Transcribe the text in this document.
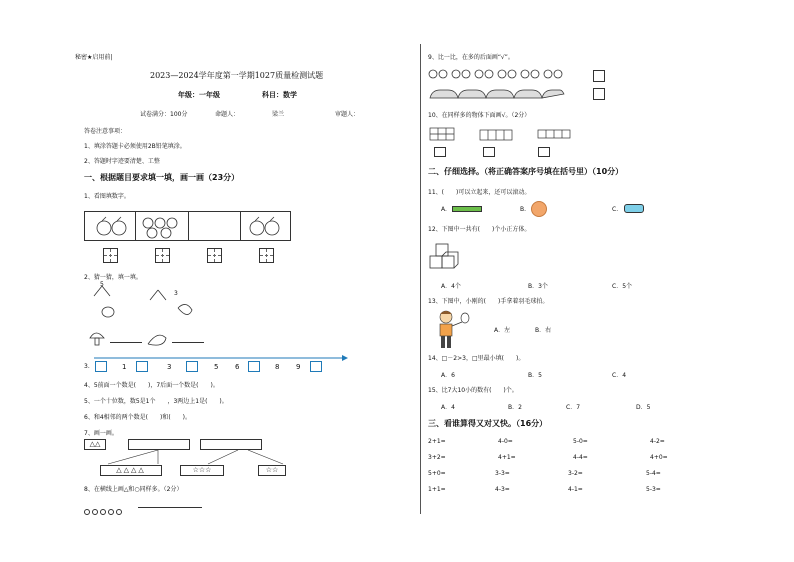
秘密★启用前|
2023—2024学年度第一学期1027质量检测试题
年级：一年级	科目：数学
试卷满分：100分	命题人：	梁兰	审题人：
答卷注意事项：
1、填涂答题卡必须使用2B铅笔填涂。
2、答题时字迹要清楚、工整
一、根据题目要求填一填，画一画（23分）
1、看图填数字。
2、猜一猜，填一填。
5
3
3.	1	3	5 6	8 9
4、5前面一个数是(　　)，7后面一个数是(　　)。
5、一个十位数，数5是1个　　，3两边上1是(　　)。
6、和4相邻的两个数是(　　)和(　　)。
7、画一画。
△△
△△△△	☆☆☆	☆☆
8、在横线上画△和○同样多。（2分）
9、比一比，在多的后面画“√”。
10、在同样多的物体下面画√。（2分）
二、仔细选择。（将正确答案序号填在括号里）（10分）
11、(　　)可以立起来，还可以滚动。
A.	B.	C.
12、下图中一共有(　　)个小正方体。
A．4个	B．3个	C．5个
13、下图中，小刚的(　　)手拿着羽毛球拍。
A．左	B．右
14、□－2>3，□里最小填(　　)。
A．6	B．5	C．4
15、比7大10小的数有(　　)个。
A．4	B．2	C．7	D．5
三、看谁算得又对又快。（16分）
2+1=	4-0=	5-0=	4-2=
3+2=	4+1=	4-4=	4+0=
5+0=	3-3=	3-2=	5-4=
1+1=	4-3=	4-1=	5-3=
